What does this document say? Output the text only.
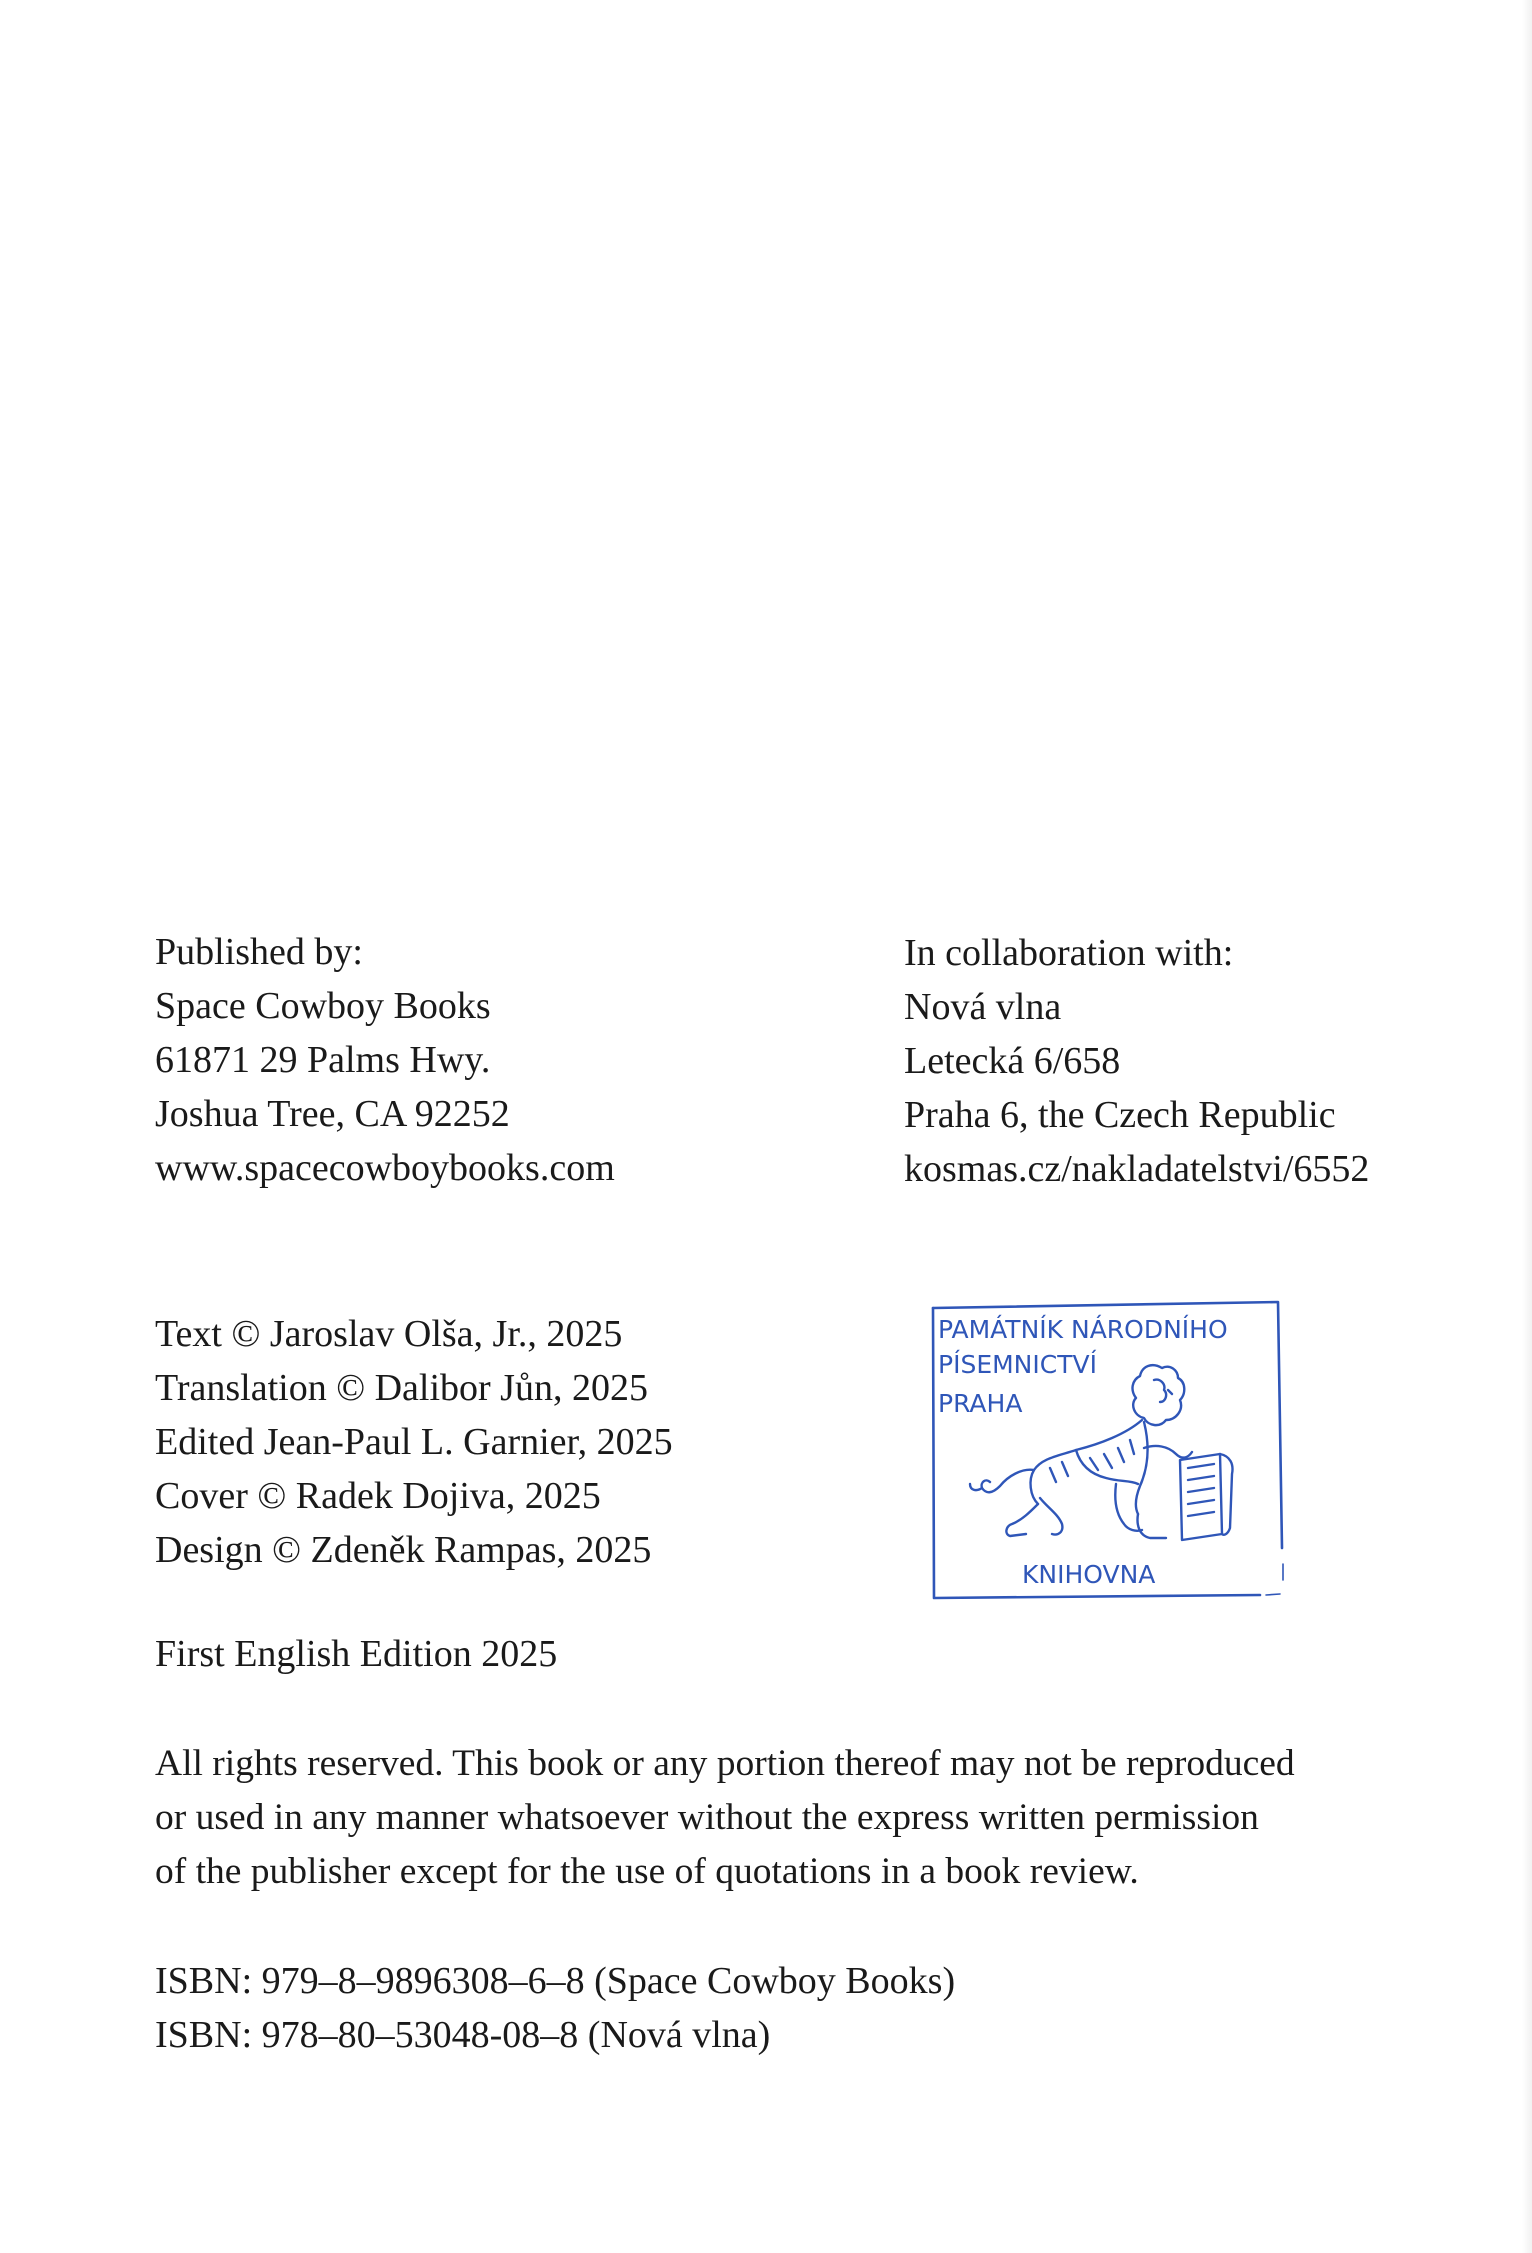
Published by:
Space Cowboy Books
61871 29 Palms Hwy.
Joshua Tree, CA 92252
www.spacecowboybooks.com
In collaboration with:
Nová vlna
Letecká 6/658
Praha 6, the Czech Republic
kosmas.cz/nakladatelstvi/6552
Text © Jaroslav Olša, Jr., 2025
Translation © Dalibor Jůn, 2025
Edited Jean-Paul L. Garnier, 2025
Cover © Radek Dojiva, 2025
Design © Zdeněk Rampas, 2025
PAMÁTNÍK NÁRODNÍHO
PÍSEMNICTVÍ
PRAHA
KNIHOVNA
First English Edition 2025
All rights reserved. This book or any portion thereof may not be reproduced
or used in any manner whatsoever without the express written permission
of the publisher except for the use of quotations in a book review.
ISBN: 979–8–9896308–6–8 (Space Cowboy Books)
ISBN: 978–80–53048-08–8 (Nová vlna)
